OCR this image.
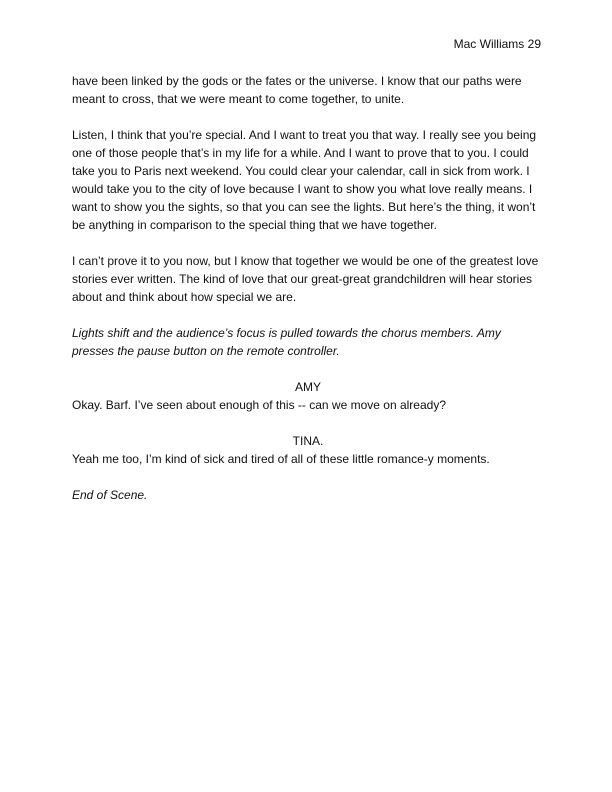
Mac Williams 29

have been linked by the gods or the fates or the universe. I know that our paths were meant to cross, that we were meant to come together, to unite.

Listen, I think that you’re special. And I want to treat you that way. I really see you being one of those people that’s in my life for a while. And I want to prove that to you. I could take you to Paris next weekend. You could clear your calendar, call in sick from work. I would take you to the city of love because I want to show you what love really means. I want to show you the sights, so that you can see the lights. But here’s the thing, it won’t be anything in comparison to the special thing that we have together.

I can’t prove it to you now, but I know that together we would be one of the greatest love stories ever written. The kind of love that our great-great grandchildren will hear stories about and think about how special we are.

Lights shift and the audience’s focus is pulled towards the chorus members. Amy presses the pause button on the remote controller.

AMY

Okay. Barf. I’ve seen about enough of this -- can we move on already?

TINA.

Yeah me too, I’m kind of sick and tired of all of these little romance-y moments.

End of Scene.
